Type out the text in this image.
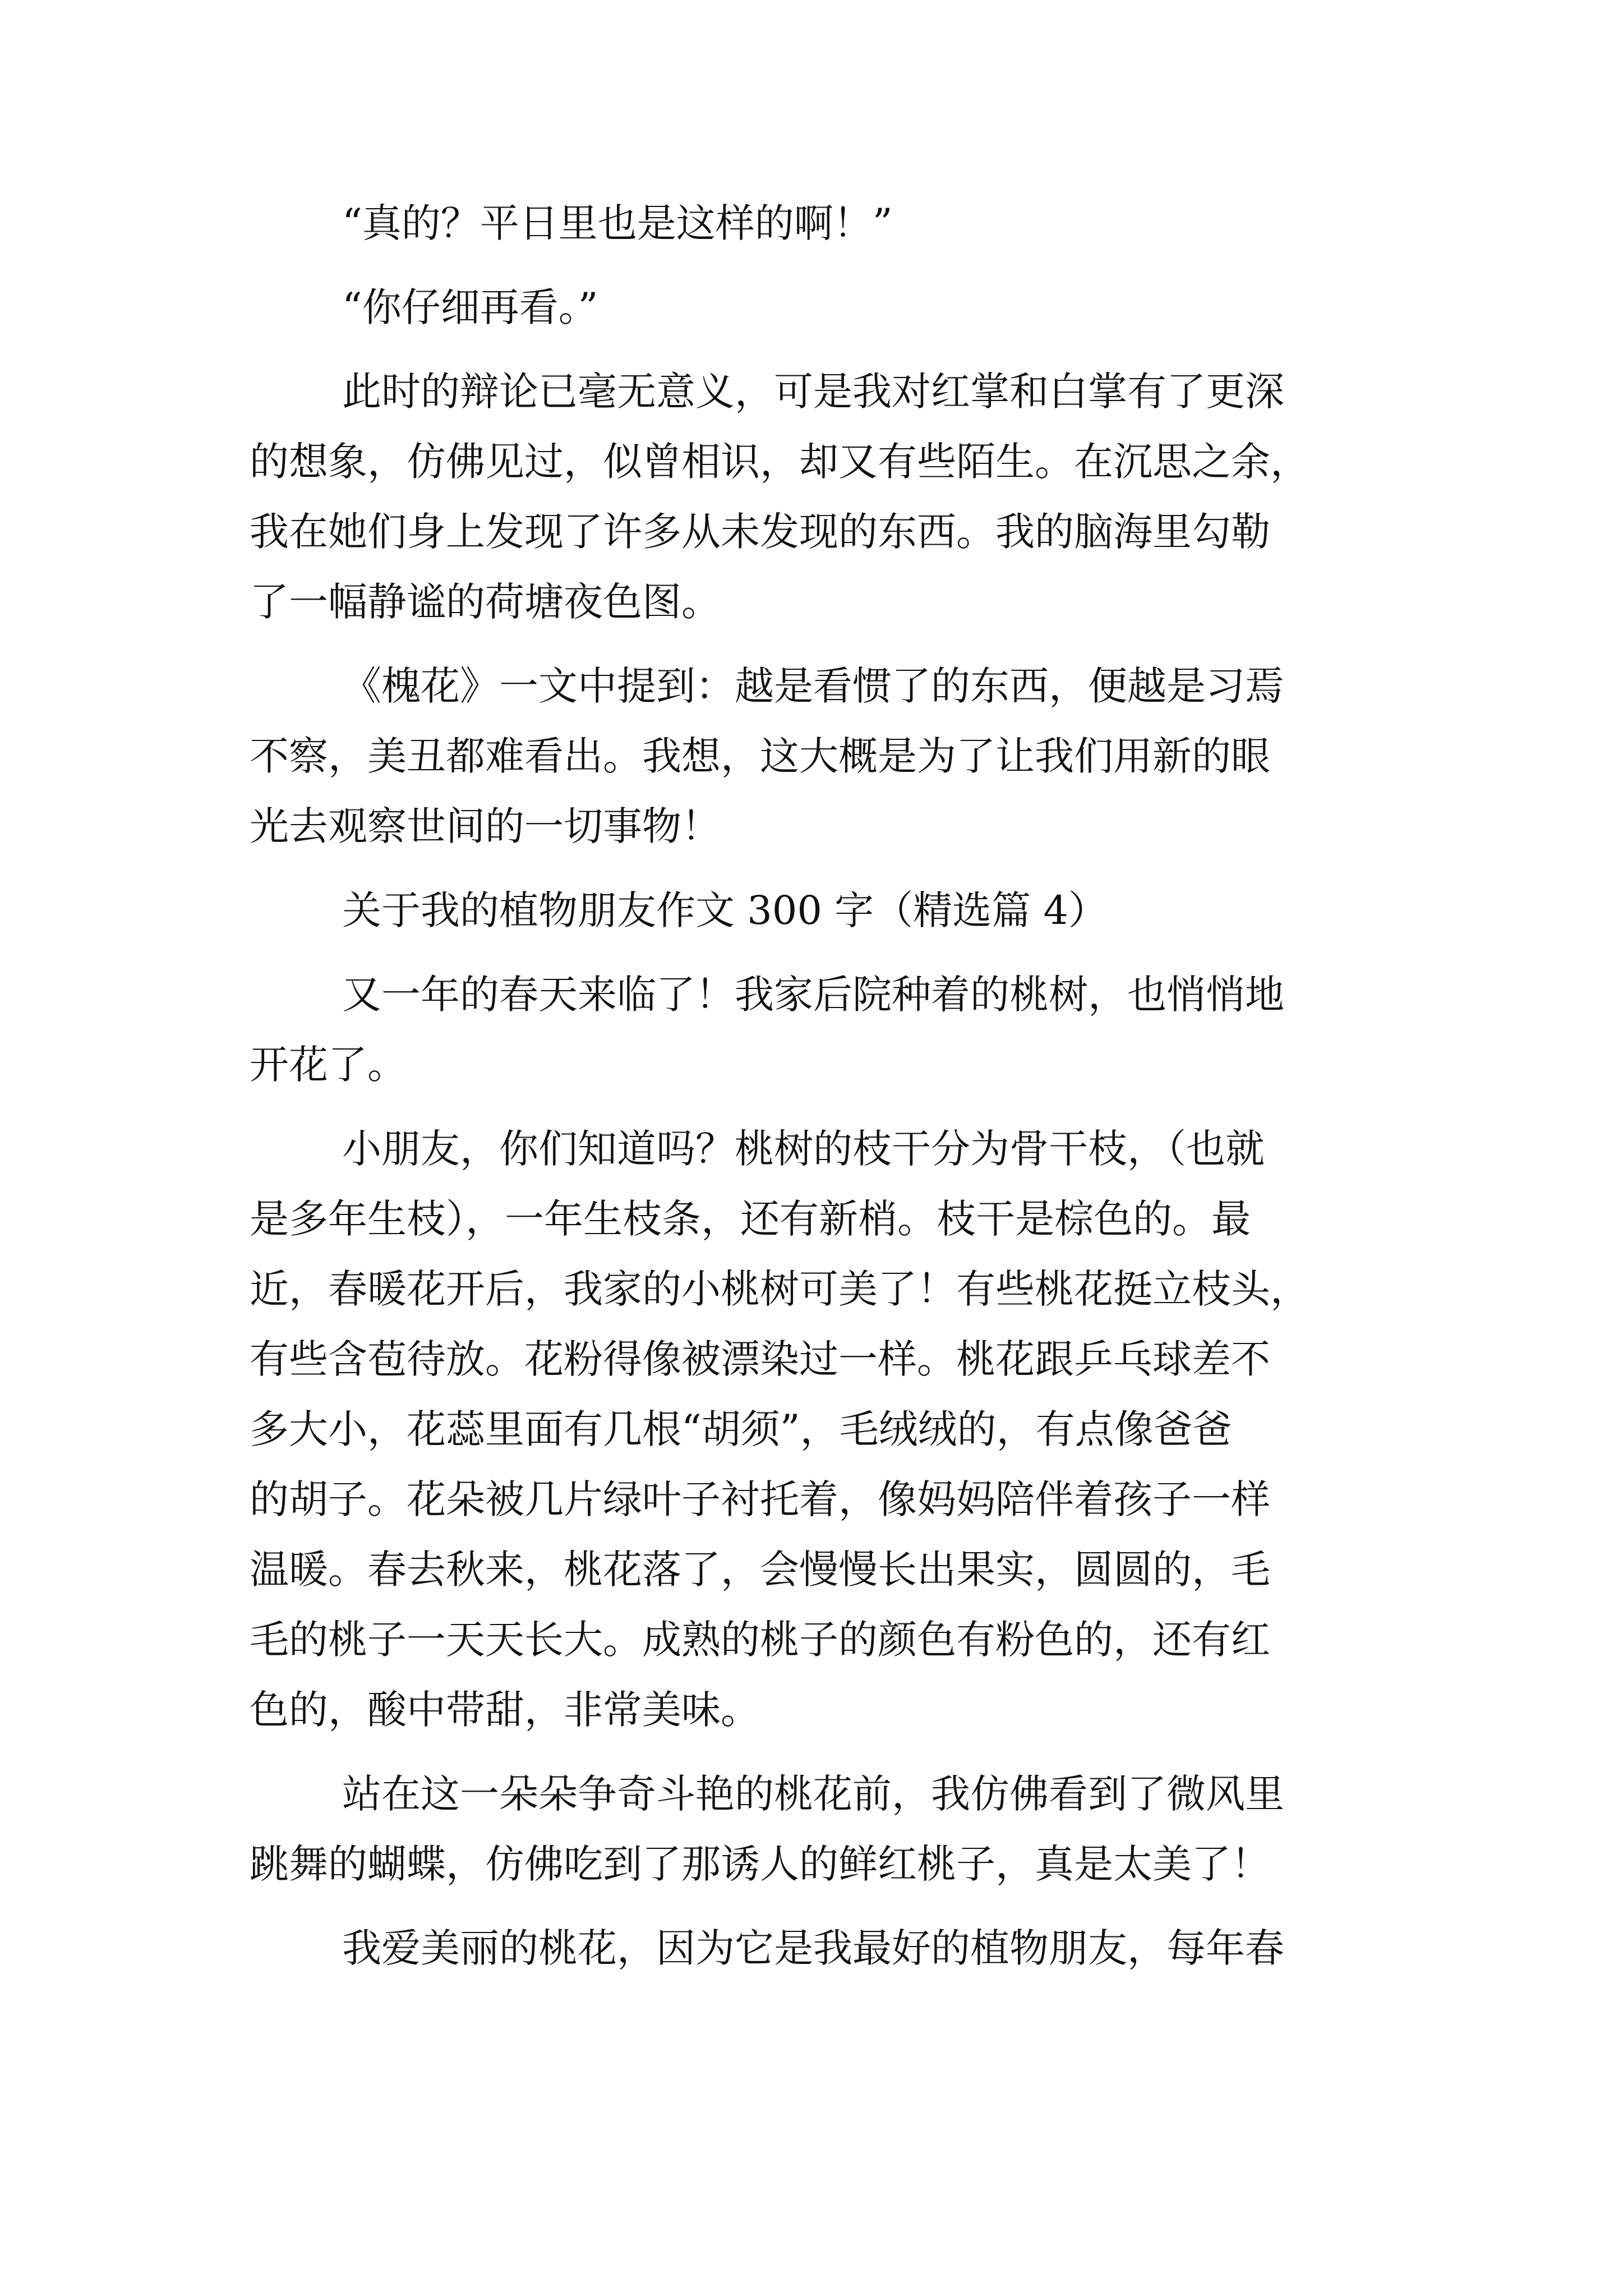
“真的？平日里也是这样的啊！”
“你仔细再看。”
此时的辩论已毫无意义，可是我对红掌和白掌有了更深
的想象，仿佛见过，似曾相识，却又有些陌生。在沉思之余，
我在她们身上发现了许多从未发现的东西。我的脑海里勾勒
了一幅静谧的荷塘夜色图。
《槐花》一文中提到：越是看惯了的东西，便越是习焉
不察，美丑都难看出。我想，这大概是为了让我们用新的眼
光去观察世间的一切事物！
关于我的植物朋友作文 300 字（精选篇 4）
又一年的春天来临了！我家后院种着的桃树，也悄悄地
开花了。
小朋友，你们知道吗？桃树的枝干分为骨干枝，（也就
是多年生枝），一年生枝条，还有新梢。枝干是棕色的。最
近，春暖花开后，我家的小桃树可美了！有些桃花挺立枝头，
有些含苞待放。花粉得像被漂染过一样。桃花跟乒乓球差不
多大小，花蕊里面有几根“胡须”，毛绒绒的，有点像爸爸
的胡子。花朵被几片绿叶子衬托着，像妈妈陪伴着孩子一样
温暖。春去秋来，桃花落了，会慢慢长出果实，圆圆的，毛
毛的桃子一天天长大。成熟的桃子的颜色有粉色的，还有红
色的，酸中带甜，非常美味。
站在这一朵朵争奇斗艳的桃花前，我仿佛看到了微风里
跳舞的蝴蝶，仿佛吃到了那诱人的鲜红桃子，真是太美了！
我爱美丽的桃花，因为它是我最好的植物朋友，每年春
